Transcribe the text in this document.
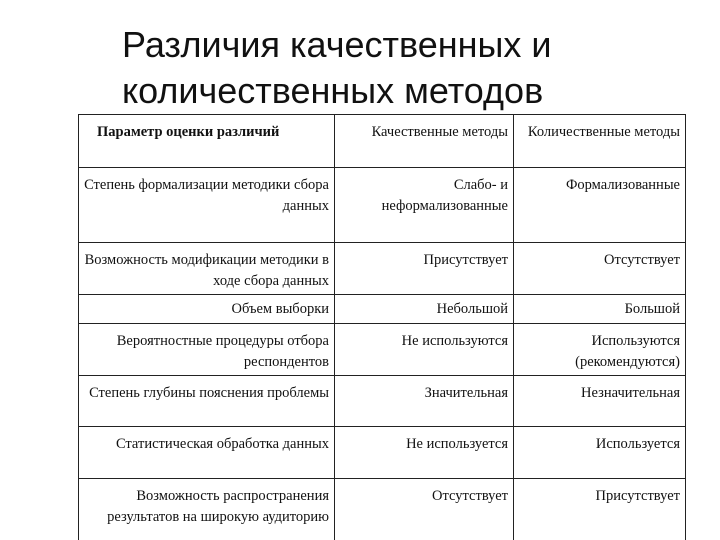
Различия качественных и
количественных методов
Параметр оценки различий	Качественные методы	Количественные методы
Степень формализации методики сбора данных	Слабо- и неформализованные	Формализованные
Возможность модификации методики в ходе сбора данных	Присутствует	Отсутствует
Объем выборки	Небольшой	Большой
Вероятностные процедуры отбора респондентов	Не используются	Используются (рекомендуются)
Степень глубины пояснения проблемы	Значительная	Незначительная
Статистическая обработка данных	Не используется	Используется
Возможность распространения результатов на широкую аудиторию	Отсутствует	Присутствует
